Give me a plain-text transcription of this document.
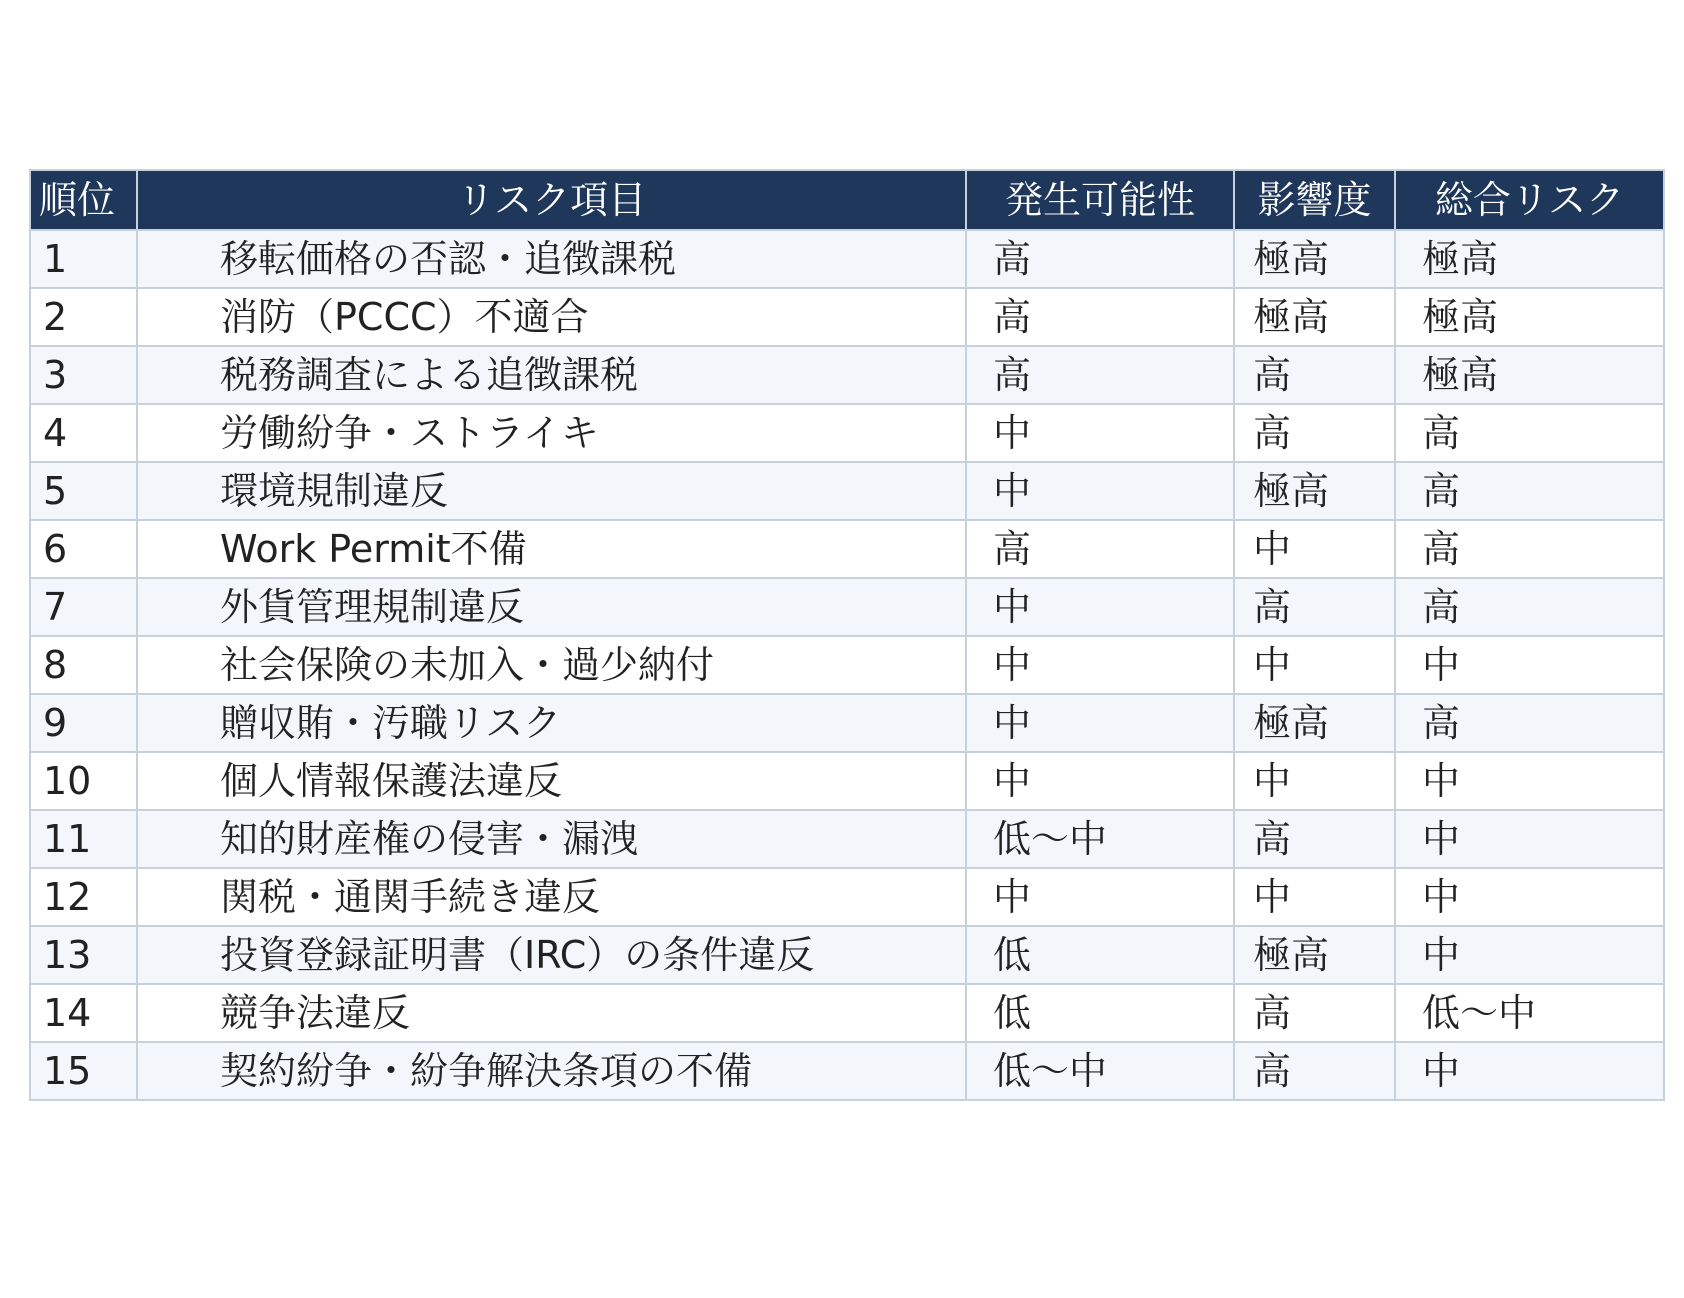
順位	リスク項目	発生可能性	影響度	総合リスク
1	移転価格の否認・追徴課税	高	極高	極高
2	消防（PCCC）不適合	高	極高	極高
3	税務調査による追徴課税	高	高	極高
4	労働紛争・ストライキ	中	高	高
5	環境規制違反	中	極高	高
6	Work Permit不備	高	中	高
7	外貨管理規制違反	中	高	高
8	社会保険の未加入・過少納付	中	中	中
9	贈収賄・汚職リスク	中	極高	高
10	個人情報保護法違反	中	中	中
11	知的財産権の侵害・漏洩	低〜中	高	中
12	関税・通関手続き違反	中	中	中
13	投資登録証明書（IRC）の条件違反	低	極高	中
14	競争法違反	低	高	低〜中
15	契約紛争・紛争解決条項の不備	低〜中	高	中
